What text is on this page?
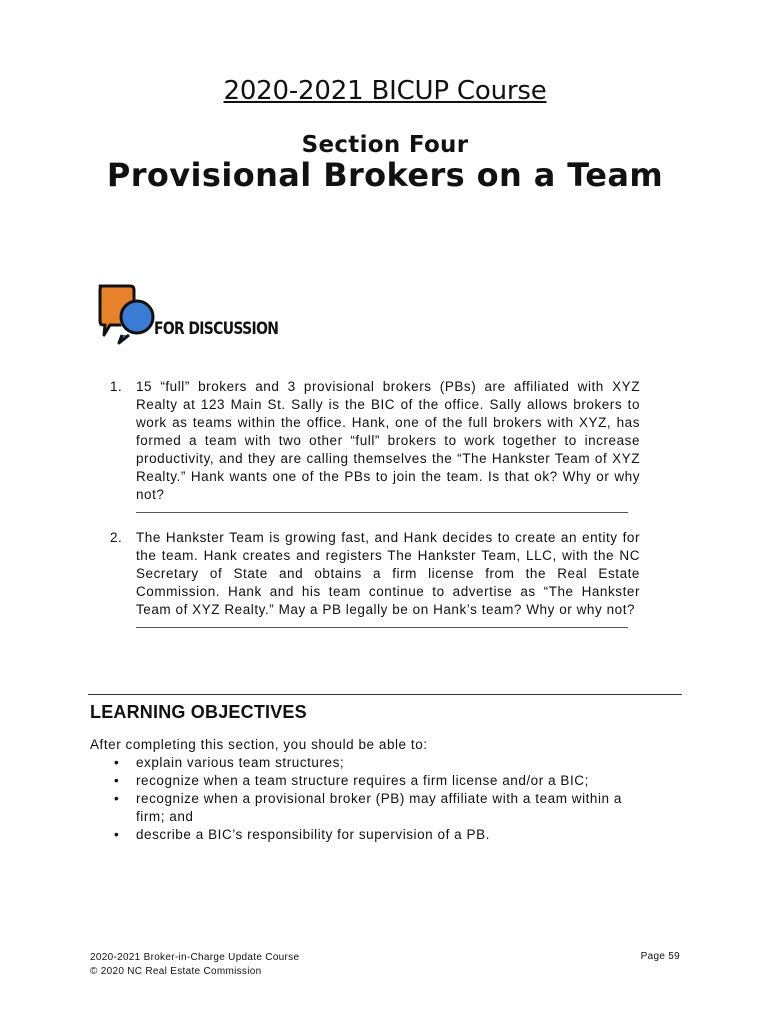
2020-2021 BICUP Course
Section Four
Provisional Brokers on a Team
FOR DISCUSSION
1. 15 “full” brokers and 3 provisional brokers (PBs) are affiliated with XYZ Realty at 123 Main St. Sally is the BIC of the office. Sally allows brokers to work as teams within the office. Hank, one of the full brokers with XYZ, has formed a team with two other “full” brokers to work together to increase productivity, and they are calling themselves the “The Hankster Team of XYZ Realty.” Hank wants one of the PBs to join the team. Is that ok? Why or why not?
2. The Hankster Team is growing fast, and Hank decides to create an entity for the team. Hank creates and registers The Hankster Team, LLC, with the NC Secretary of State and obtains a firm license from the Real Estate Commission. Hank and his team continue to advertise as “The Hankster Team of XYZ Realty.” May a PB legally be on Hank’s team? Why or why not?
LEARNING OBJECTIVES
After completing this section, you should be able to:
• explain various team structures;
• recognize when a team structure requires a firm license and/or a BIC;
• recognize when a provisional broker (PB) may affiliate with a team within a firm; and
• describe a BIC’s responsibility for supervision of a PB.
2020-2021 Broker-in-Charge Update Course
© 2020 NC Real Estate Commission
Page 59
